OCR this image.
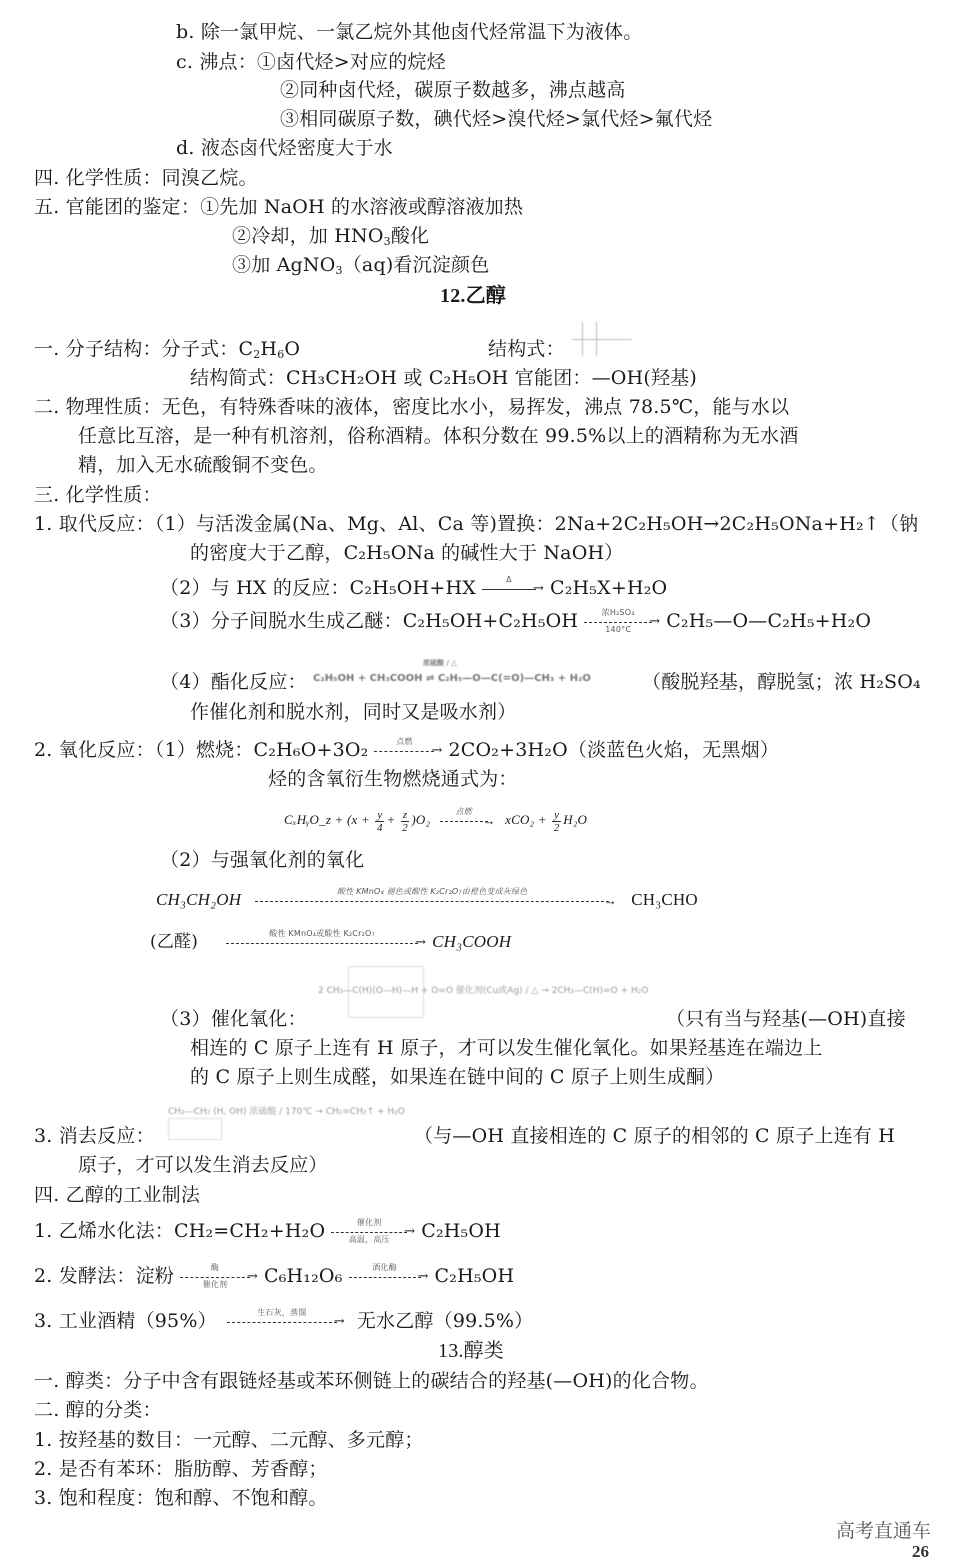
b. 除一氯甲烷、一氯乙烷外其他卤代烃常温下为液体。
c. 沸点：①卤代烃>对应的烷烃
②同种卤代烃，碳原子数越多，沸点越高
③相同碳原子数，碘代烃>溴代烃>氯代烃>氟代烃
d. 液态卤代烃密度大于水
四. 化学性质：同溴乙烷。
五. 官能团的鉴定：①先加 NaOH 的水溶液或醇溶液加热
②冷却，加 $HNO_3$酸化
③加 AgNO$_3$（aq)看沉淀颜色
12.乙醇
一. 分子结构：分子式：$C_2H_6O$	结构式：
结构简式：CH₃CH₂OH 或 C₂H₅OH 官能团：—OH(羟基)
二. 物理性质：无色，有特殊香味的液体，密度比水小，易挥发，沸点 78.5℃，能与水以
任意比互溶，是一种有机溶剂，俗称酒精。体积分数在 99.5%以上的酒精称为无水酒
精，加入无水硫酸铜不变色。
三. 化学性质：
1. 取代反应：（1）与活泼金属(Na、Mg、Al、Ca 等)置换：2Na+2C₂H₅OH→2C₂H₅ONa+H₂↑（钠
的密度大于乙醇，C₂H₅ONa 的碱性大于 NaOH）
（2）与 HX 的反应：C₂H₅OH+HX	Δ
→ C₂H₅X+H₂O
（3）分子间脱水生成乙醚：C₂H₅OH+C₂H₅OH	浓H₂SO₄
140°C
→ C₂H₅—O—C₂H₅+H₂O
（4）酯化反应： C₂H₅OH + CH₃COOH ⇌ C₂H₅—O—C(=O)—CH₃ + H₂O
浓硫酸 / △
（酸脱羟基，醇脱氢；浓 H₂SO₄
作催化剂和脱水剂，同时又是吸水剂）
2. 氧化反应：（1）燃烧：C₂H₆O+3O₂	点燃
→ 2CO₂+3H₂O（淡蓝色火焰，无黑烟）
烃的含氧衍生物燃烧通式为：
CₓHᵧO_z + $(x + \frac{y}{4} + \frac{z}{2} )O_2$
点燃
→ $xCO_2 + \frac{y}{2} H_2O$
（2）与强氧化剂的氧化
CH₃CH₂OH	酸性 KMnO₄ 褪色或酸性 K₂Cr₂O₇由橙色变成灰绿色
→ CH₃CHO
(乙醛)	酸性 KMnO₄或酸性 K₂Cr₂O₇
→ CH₃COOH
2 CH₃—C(H)(O—H)—H + O=O 催化剂(Cu或Ag) / △ → 2CH₃—C(H)=O + H₂O
（3）催化氧化：	（只有当与羟基(—OH)直接
相连的 C 原子上连有 H 原子，才可以发生催化氧化。如果羟基连在端边上
的 C 原子上则生成醛，如果连在链中间的 C 原子上则生成酮）
CH₂—CH₂ (H, OH) 浓硫酸 / 170℃ → CH₂=CH₂↑ + H₂O
3. 消去反应：	（与—OH 直接相连的 C 原子的相邻的 C 原子上连有 H
原子，才可以发生消去反应）
四. 乙醇的工业制法
1. 乙烯水化法：CH₂=CH₂+H₂O	催化剂
高温，高压
→ C₂H₅OH
2. 发酵法：淀粉	酶
催化剂
→ C₆H₁₂O₆	酒化酶
→ C₂H₅OH
3. 工业酒精（95%）	生石灰，蒸馏
→ 无水乙醇（99.5%）
13.醇类
一. 醇类：分子中含有跟链烃基或苯环侧链上的碳结合的羟基(—OH)的化合物。
二. 醇的分类：
1. 按羟基的数目：一元醇、二元醇、多元醇；
2. 是否有苯环：脂肪醇、芳香醇；
3. 饱和程度：饱和醇、不饱和醇。
高考直通车
26
